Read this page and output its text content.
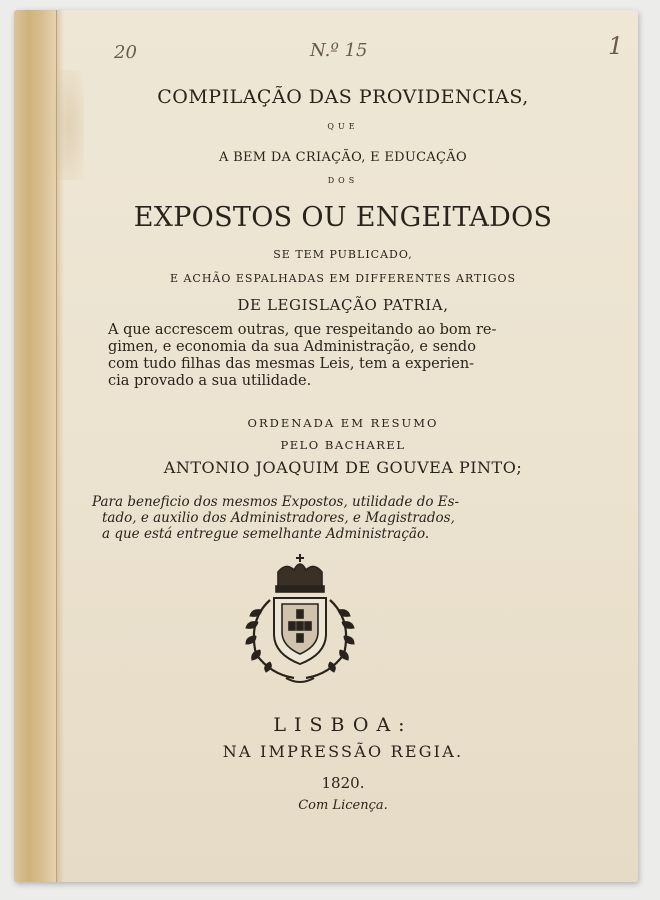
20	N.º 15	1
COMPILAÇÃO DAS PROVIDENCIAS,
QUE
A BEM DA CRIAÇÃO, E EDUCAÇÃO
DOS
EXPOSTOS OU ENGEITADOS
SE TEM PUBLICADO,
E ACHÃO ESPALHADAS EM DIFFERENTES ARTIGOS
DE LEGISLAÇÃO PATRIA,
A que accrescem outras, que respeitando ao bom re-
gimen, e economia da sua Administração, e sendo
com tudo filhas das mesmas Leis, tem a experien-
cia provado a sua utilidade.
ORDENADA EM RESUMO
PELO BACHAREL
ANTONIO JOAQUIM DE GOUVEA PINTO;
Para beneficio dos mesmos Expostos, utilidade do Es-
tado, e auxilio dos Administradores, e Magistrados,
a que está entregue semelhante Administração.
LISBOA:
NA IMPRESSÃO REGIA.
1820.
Com Licença.
